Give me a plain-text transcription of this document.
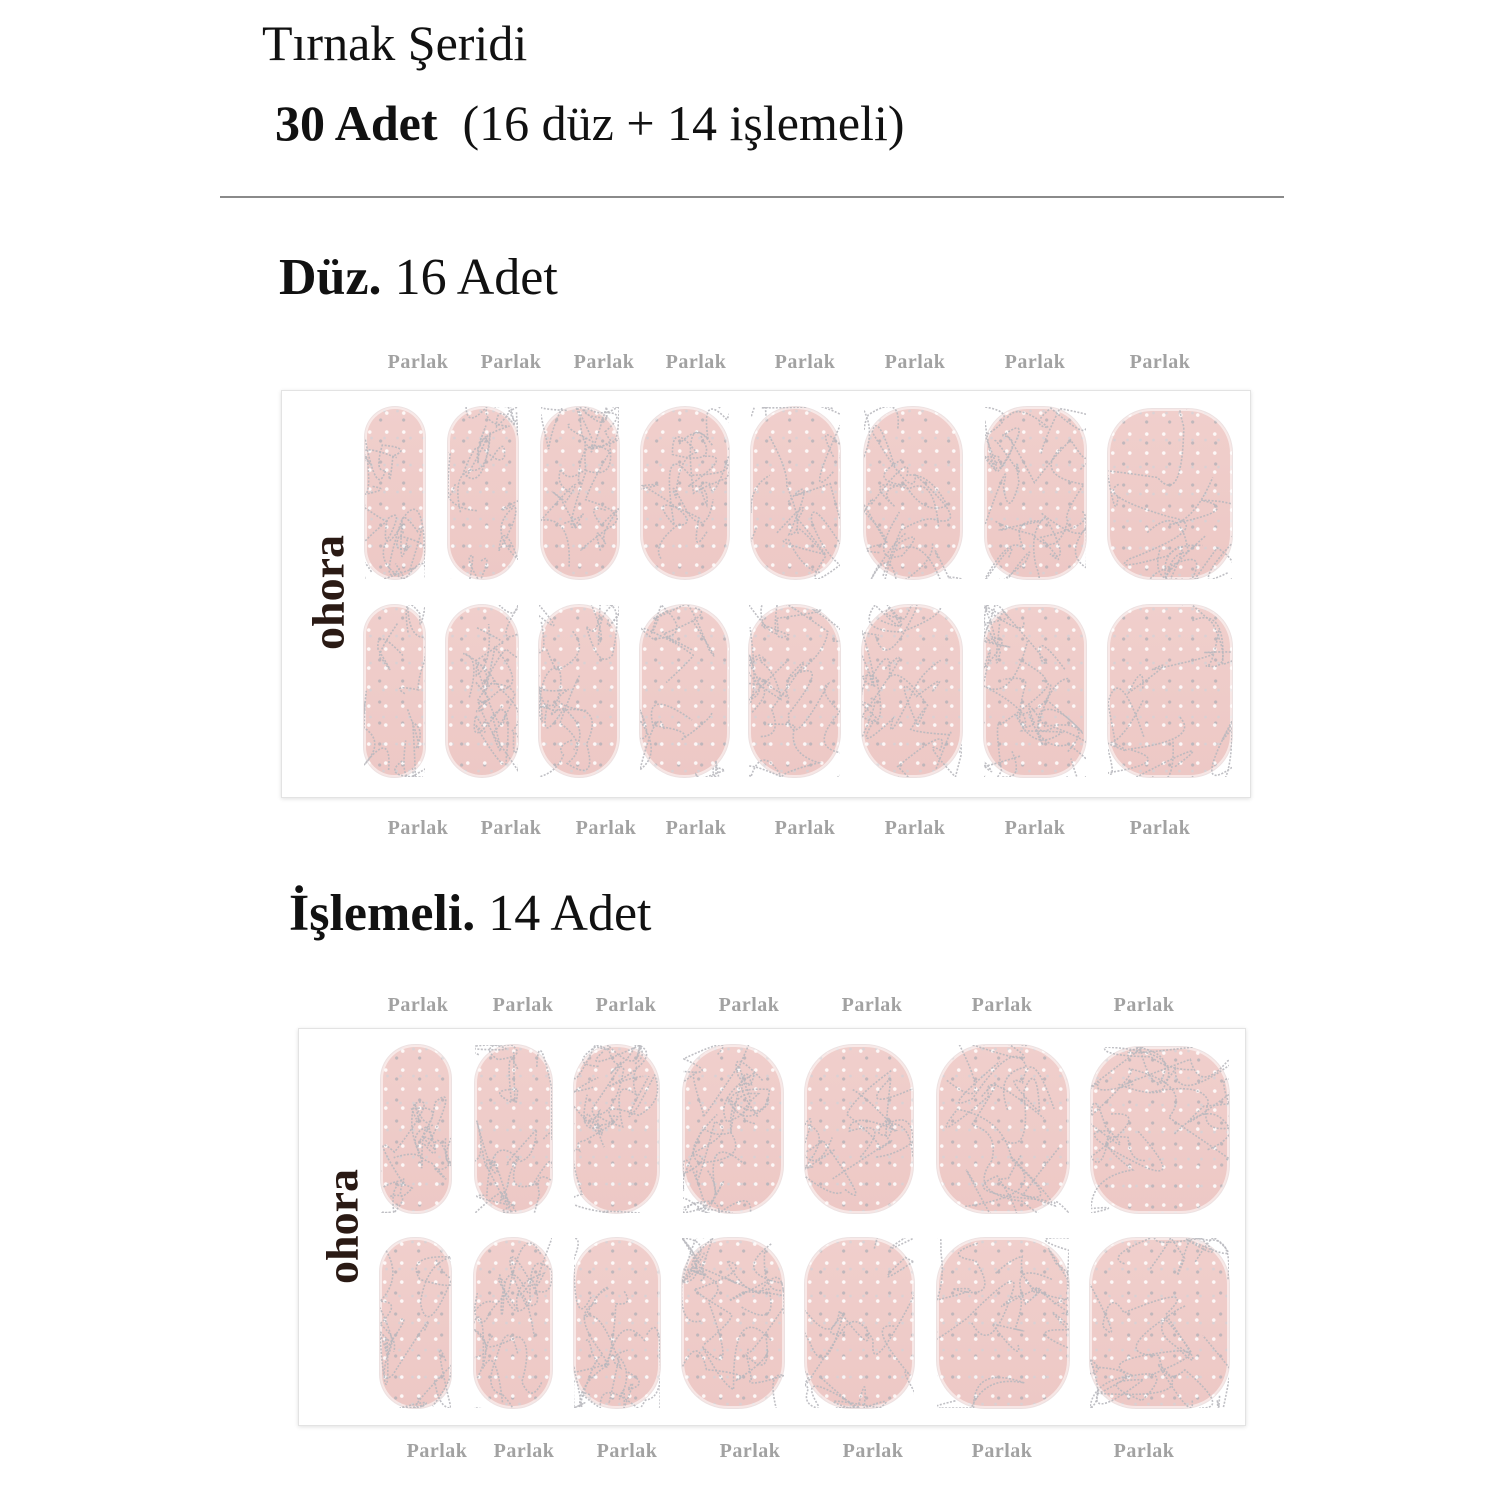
Tırnak Şeridi
30 Adet (16 düz + 14 işlemeli)
Düz. 16 Adet
Parlak Parlak Parlak Parlak Parlak Parlak	Parlak	Parlak
ohora
Parlak Parlak Parlak Parlak Parlak Parlak	Parlak	Parlak
İşlemeli. 14 Adet
Parlak Parlak Parlak	Parlak	Parlak	Parlak	Parlak
ohora
Parlak Parlak Parlak	Parlak	Parlak	Parlak	Parlak
